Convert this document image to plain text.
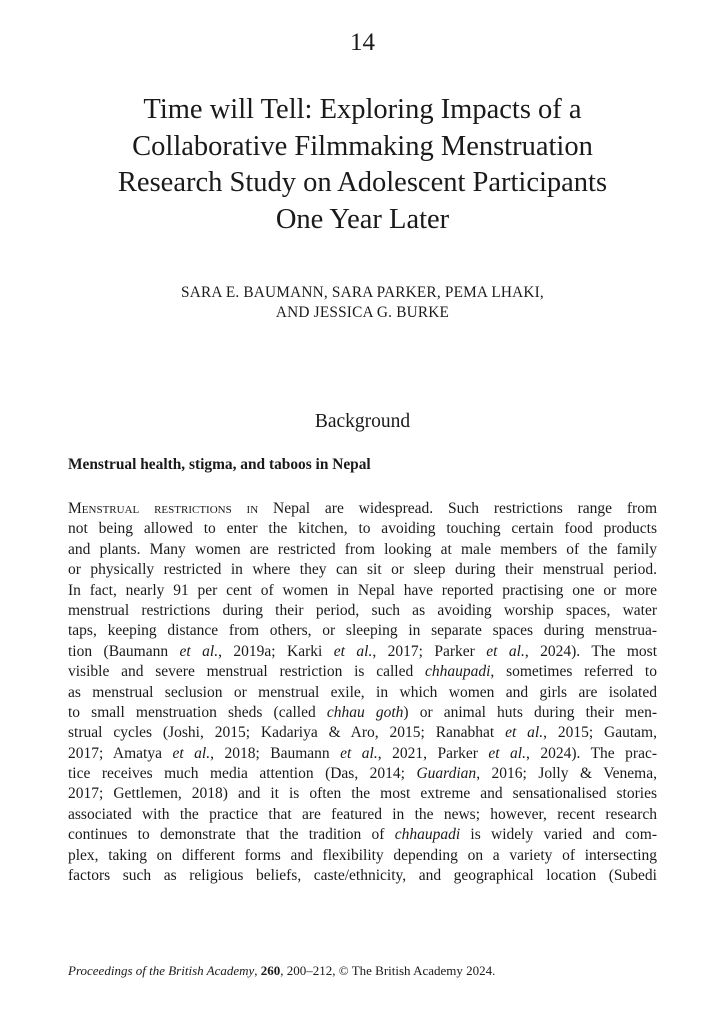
14
Time will Tell: Exploring Impacts of a
Collaborative Filmmaking Menstruation
Research Study on Adolescent Participants
One Year Later
SARA E. BAUMANN, SARA PARKER, PEMA LHAKI,
AND JESSICA G. BURKE
Background
Menstrual health, stigma, and taboos in Nepal
Menstrual restrictions in Nepal are widespread. Such restrictions range from
not being allowed to enter the kitchen, to avoiding touching certain food products
and plants. Many women are restricted from looking at male members of the family
or physically restricted in where they can sit or sleep during their menstrual period.
In fact, nearly 91 per cent of women in Nepal have reported practising one or more
menstrual restrictions during their period, such as avoiding worship spaces, water
taps, keeping distance from others, or sleeping in separate spaces during menstrua-
tion (Baumann et al., 2019a; Karki et al., 2017; Parker et al., 2024). The most
visible and severe menstrual restriction is called chhaupadi, sometimes referred to
as menstrual seclusion or menstrual exile, in which women and girls are isolated
to small menstruation sheds (called chhau goth) or animal huts during their men-
strual cycles (Joshi, 2015; Kadariya & Aro, 2015; Ranabhat et al., 2015; Gautam,
2017; Amatya et al., 2018; Baumann et al., 2021, Parker et al., 2024). The prac-
tice receives much media attention (Das, 2014; Guardian, 2016; Jolly & Venema,
2017; Gettlemen, 2018) and it is often the most extreme and sensationalised stories
associated with the practice that are featured in the news; however, recent research
continues to demonstrate that the tradition of chhaupadi is widely varied and com-
plex, taking on different forms and flexibility depending on a variety of intersecting
factors such as religious beliefs, caste/ethnicity, and geographical location (Subedi
Proceedings of the British Academy, 260, 200–212, © The British Academy 2024.
